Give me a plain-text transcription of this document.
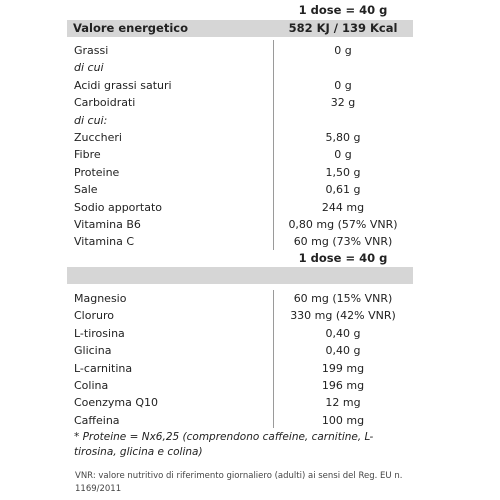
1 dose = 40 g
Valore energetico	582 KJ / 139 Kcal
Grassi	0 g
di cui
Acidi grassi saturi	0 g
Carboidrati	32 g
di cui:
Zuccheri	5,80 g
Fibre	0 g
Proteine	1,50 g
Sale	0,61 g
Sodio apportato	244 mg
Vitamina B6	0,80 mg (57% VNR)
Vitamina C	60 mg (73% VNR)
1 dose = 40 g
Magnesio	60 mg (15% VNR)
Cloruro	330 mg (42% VNR)
L-tirosina	0,40 g
Glicina	0,40 g
L-carnitina	199 mg
Colina	196 mg
Coenzyma Q10	12 mg
Caffeina	100 mg
* Proteine = Nx6,25 (comprendono caffeine, carnitine, L-tirosina, glicina e colina)
VNR: valore nutritivo di riferimento giornaliero (adulti) ai sensi del Reg. EU n. 1169/2011
